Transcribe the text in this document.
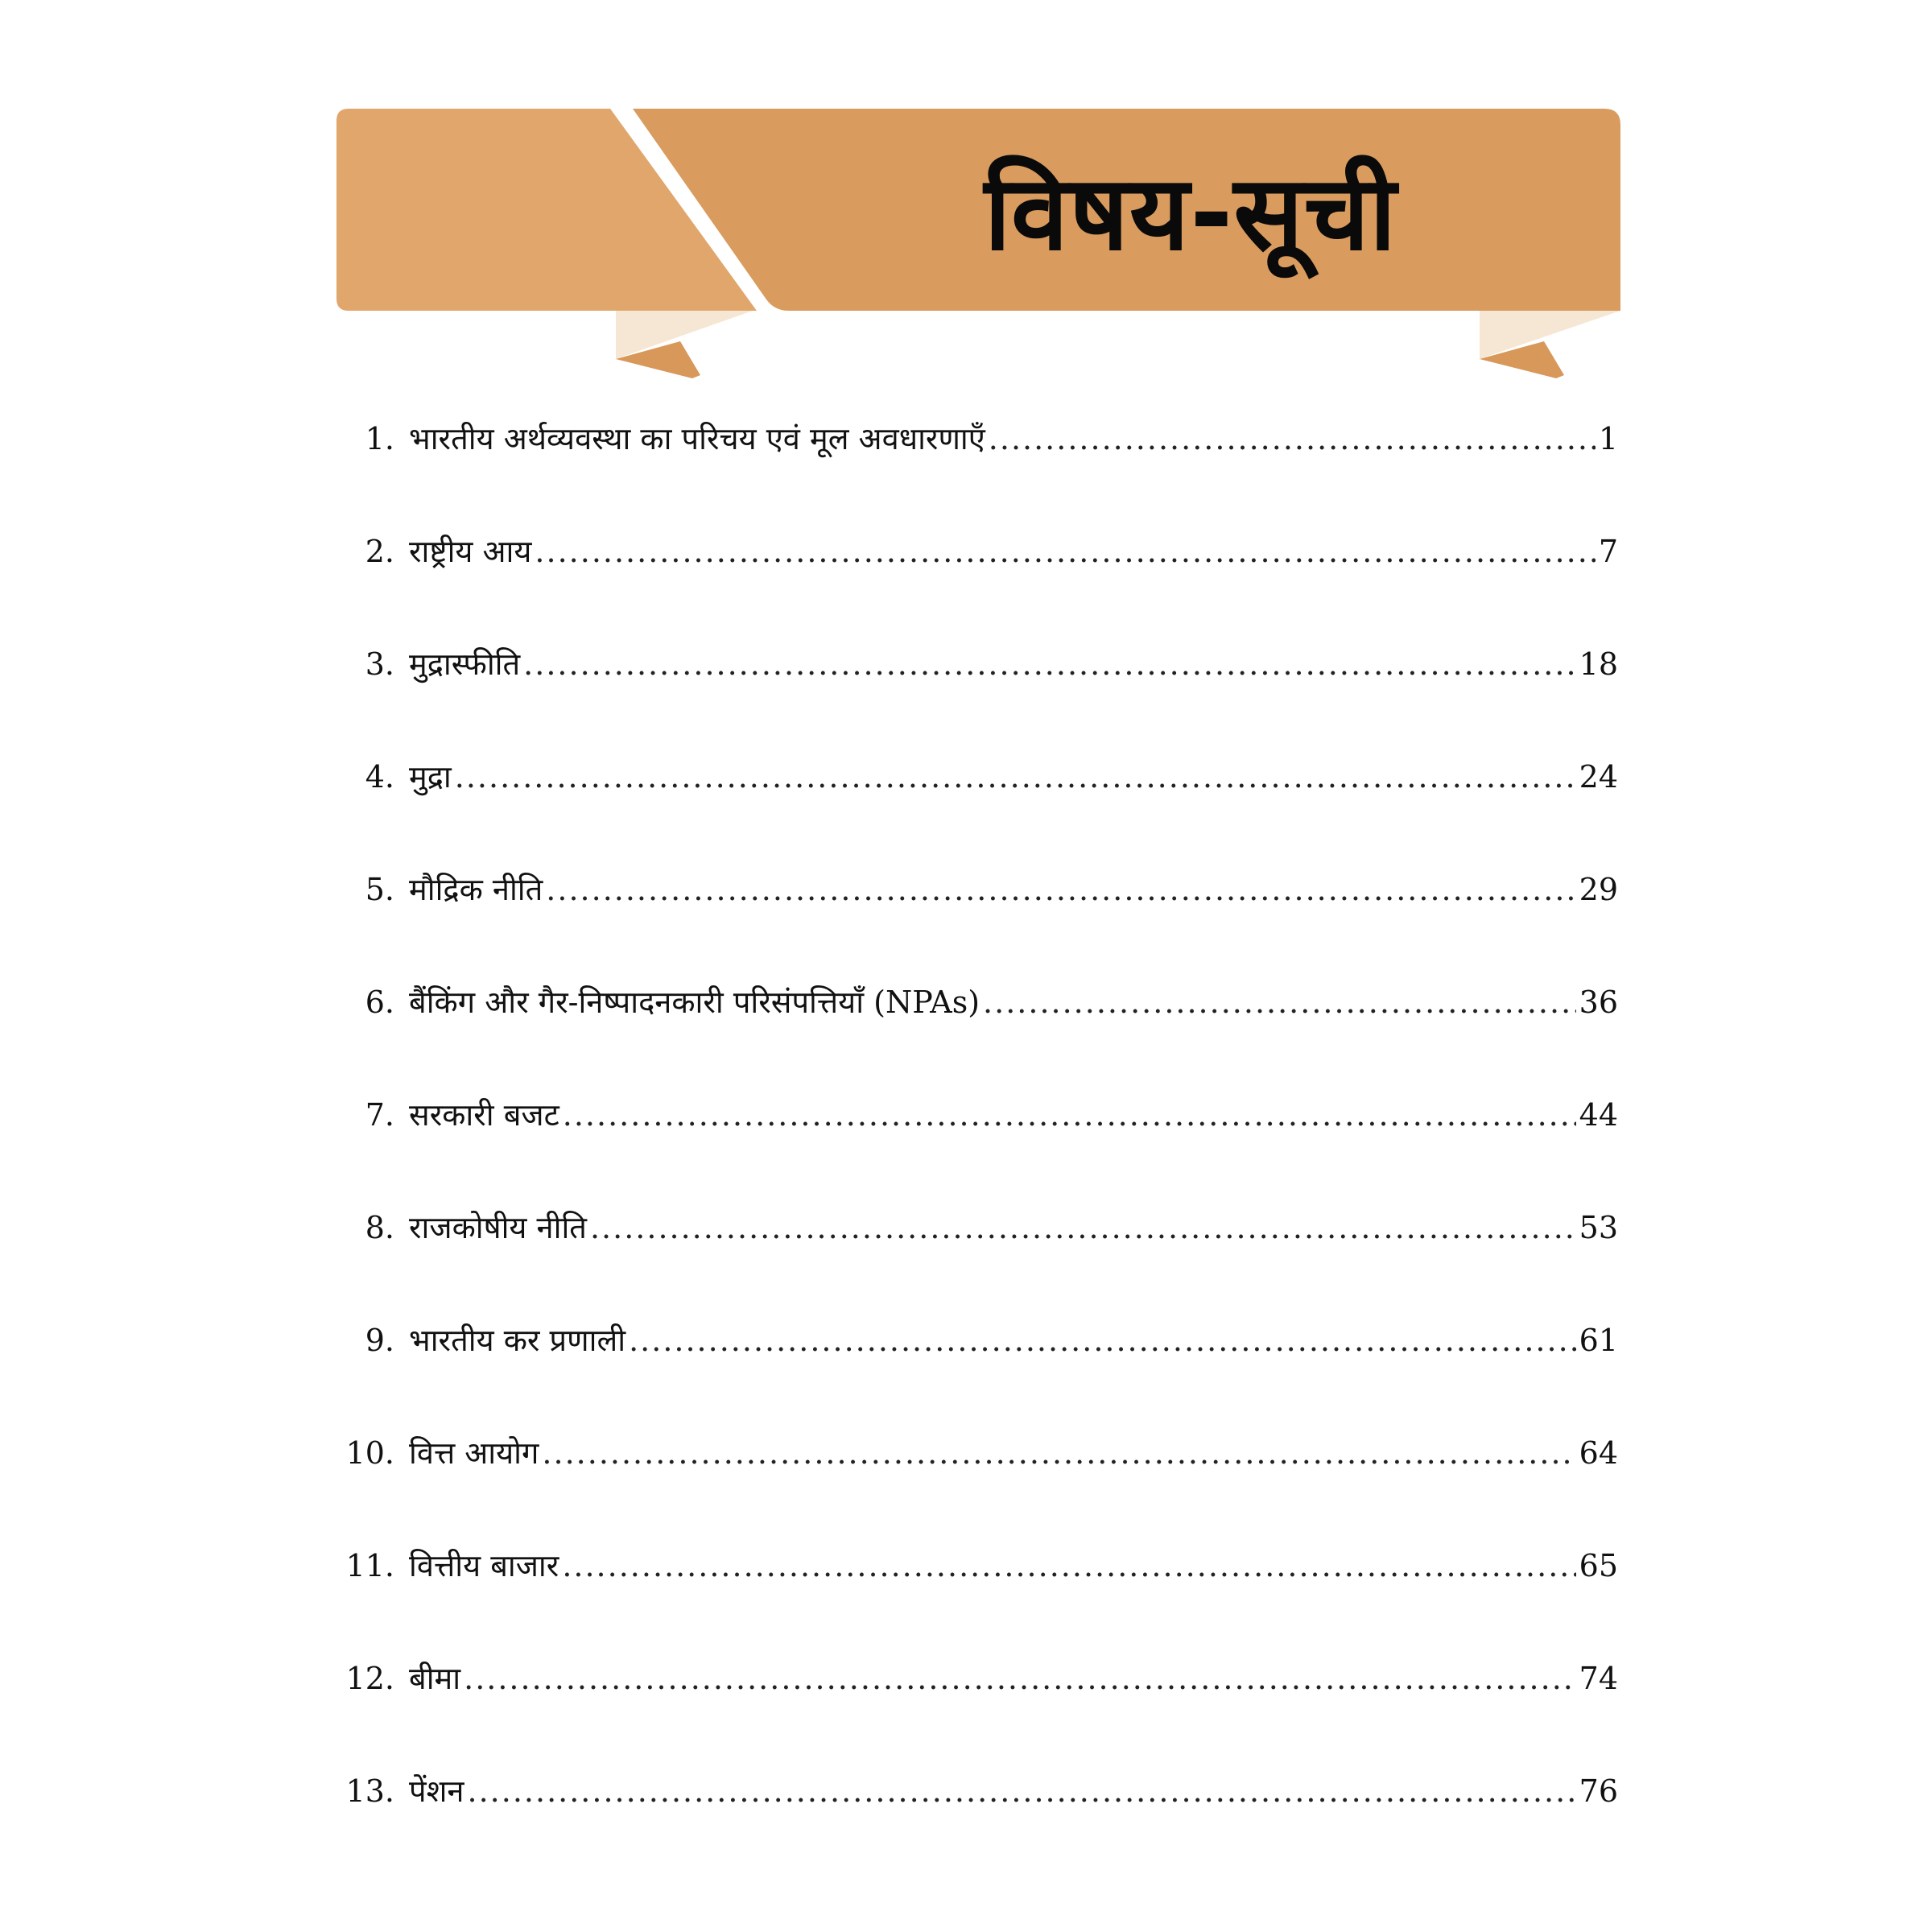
विषय-सूची
1. भारतीय अर्थव्यवस्था का परिचय एवं मूल अवधारणाएँ .....	1
2. राष्ट्रीय आय .....	7
3. मुद्रास्फीति .....	18
4. मुद्रा .....	24
5. मौद्रिक नीति .....	29
6. बैंकिंग और गैर-निष्पादनकारी परिसंपत्तियाँ (NPAs) .....	36
7. सरकारी बजट .....	44
8. राजकोषीय नीति .....	53
9. भारतीय कर प्रणाली .....	61
10. वित्त आयोग .....	64
11. वित्तीय बाजार .....	65
12. बीमा .....	74
13. पेंशन .....	76
